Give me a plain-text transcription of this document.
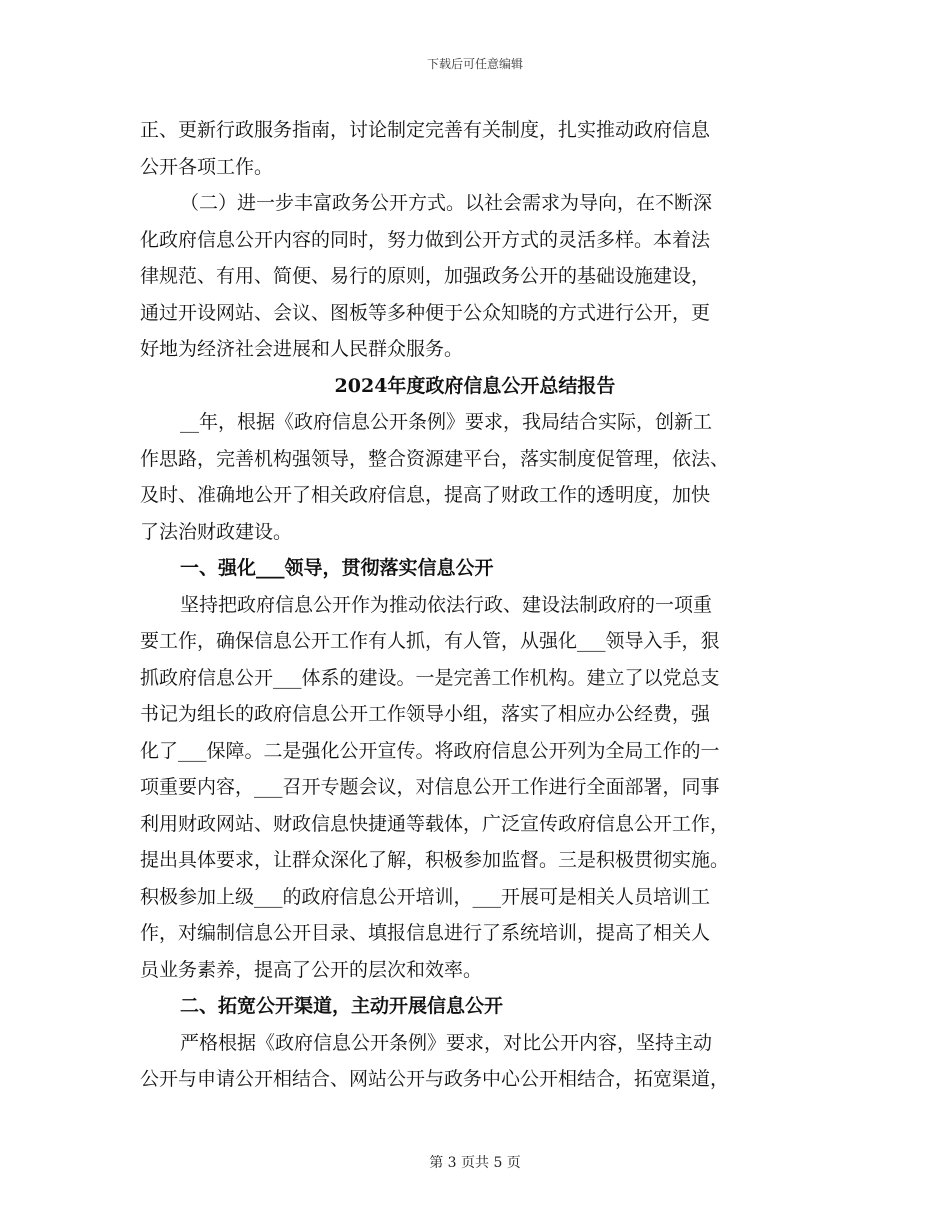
下载后可任意编辑
正、更新行政服务指南，讨论制定完善有关制度，扎实推动政府信息
公开各项工作。
（二）进一步丰富政务公开方式。以社会需求为导向，在不断深
化政府信息公开内容的同时，努力做到公开方式的灵活多样。本着法
律规范、有用、简便、易行的原则，加强政务公开的基础设施建设，
通过开设网站、会议、图板等多种便于公众知晓的方式进行公开，更
好地为经济社会进展和人民群众服务。
2024年度政府信息公开总结报告
__年，根据《政府信息公开条例》要求，我局结合实际，创新工
作思路，完善机构强领导，整合资源建平台，落实制度促管理，依法、
及时、准确地公开了相关政府信息，提高了财政工作的透明度，加快
了法治财政建设。
一、强化___领导，贯彻落实信息公开
坚持把政府信息公开作为推动依法行政、建设法制政府的一项重
要工作，确保信息公开工作有人抓，有人管，从强化___领导入手，狠
抓政府信息公开___体系的建设。一是完善工作机构。建立了以党总支
书记为组长的政府信息公开工作领导小组，落实了相应办公经费，强
化了___保障。二是强化公开宣传。将政府信息公开列为全局工作的一
项重要内容，___召开专题会议，对信息公开工作进行全面部署，同事
利用财政网站、财政信息快捷通等载体，广泛宣传政府信息公开工作，
提出具体要求，让群众深化了解，积极参加监督。三是积极贯彻实施。
积极参加上级___的政府信息公开培训，___开展可是相关人员培训工
作，对编制信息公开目录、填报信息进行了系统培训，提高了相关人
员业务素养，提高了公开的层次和效率。
二、拓宽公开渠道，主动开展信息公开
严格根据《政府信息公开条例》要求，对比公开内容，坚持主动
公开与申请公开相结合、网站公开与政务中心公开相结合，拓宽渠道，
第 3 页共 5 页
